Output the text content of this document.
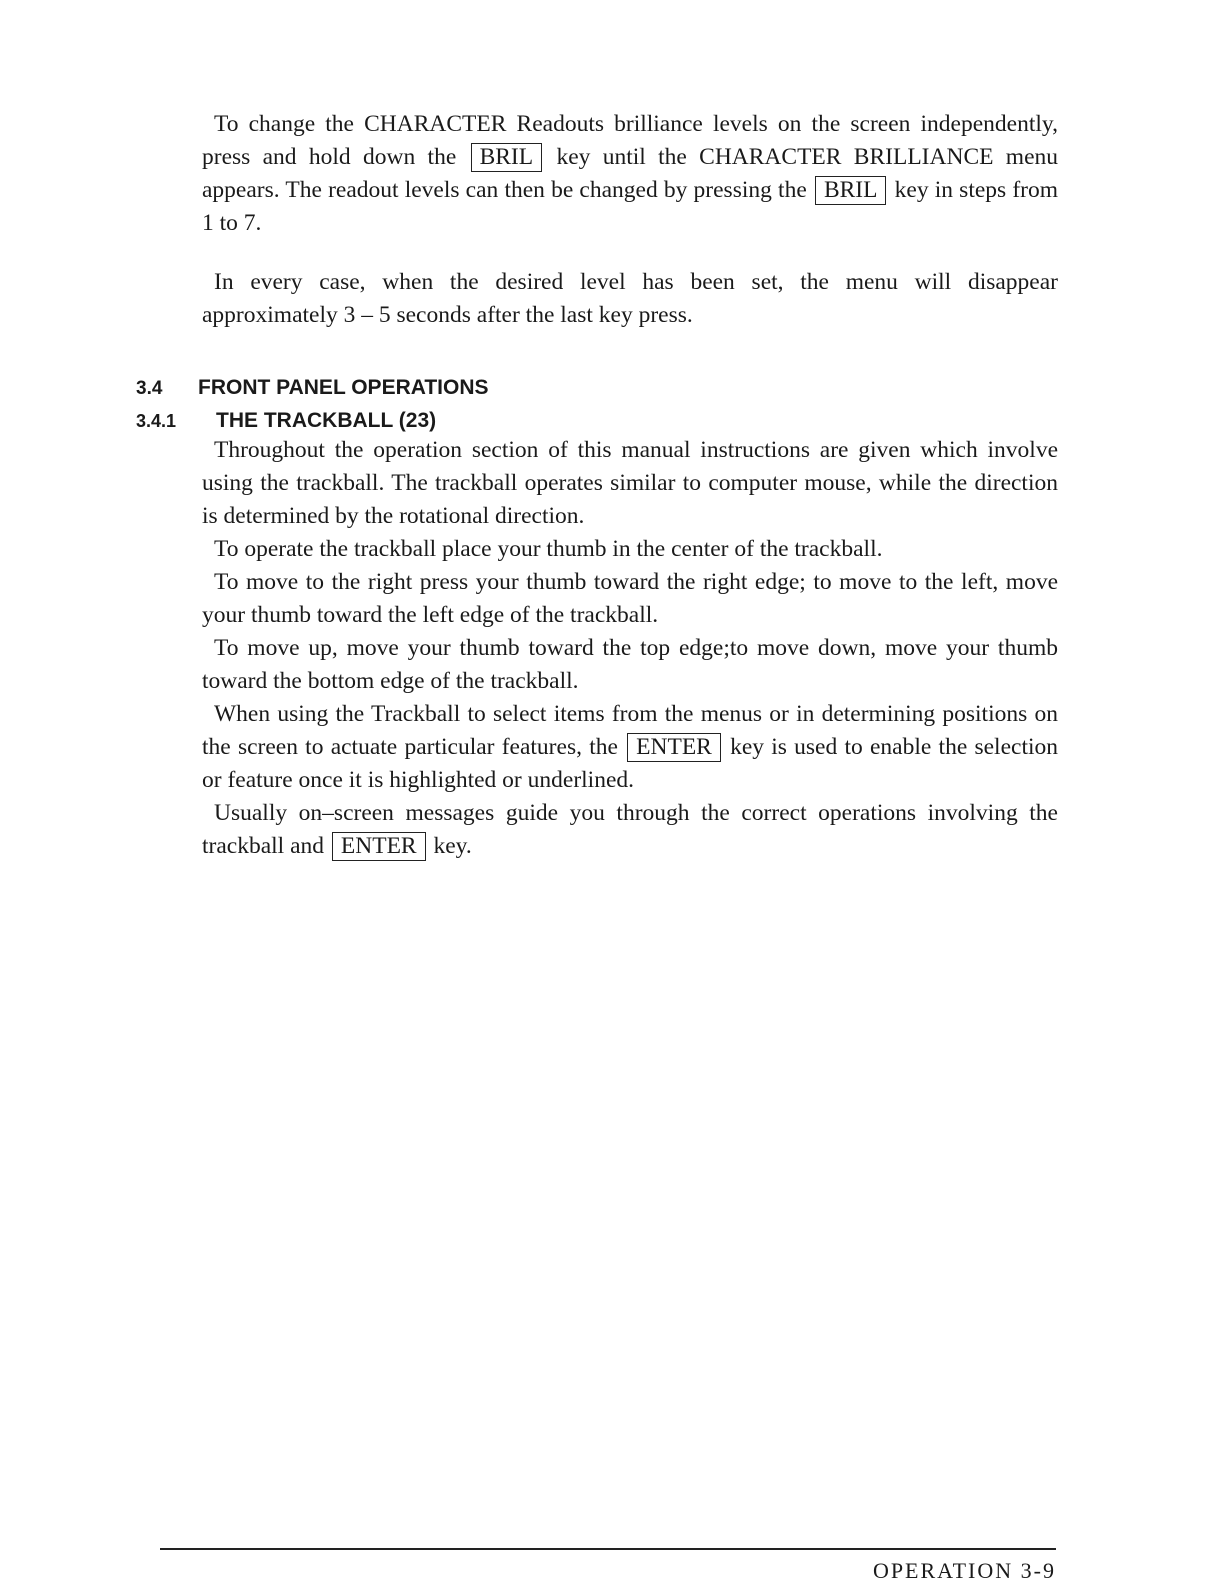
To change the CHARACTER Readouts brilliance levels on the screen independently, press and hold down the BRIL key until the CHARACTER BRILLIANCE menu appears. The readout levels can then be changed by pressing the BRIL key in steps from 1 to 7.

In every case, when the desired level has been set, the menu will disappear approximately 3 – 5 seconds after the last key press.

3.4 FRONT PANEL OPERATIONS
3.4.1 THE TRACKBALL (23)

Throughout the operation section of this manual instructions are given which involve using the trackball. The trackball operates similar to computer mouse, while the direction is determined by the rotational direction.

To operate the trackball place your thumb in the center of the trackball.

To move to the right press your thumb toward the right edge; to move to the left, move your thumb toward the left edge of the trackball.

To move up, move your thumb toward the top edge;to move down, move your thumb toward the bottom edge of the trackball.

When using the Trackball to select items from the menus or in determining positions on the screen to actuate particular features, the ENTER key is used to enable the selection or feature once it is highlighted or underlined.

Usually on–screen messages guide you through the correct operations involving the trackball and ENTER key.

OPERATION 3-9
